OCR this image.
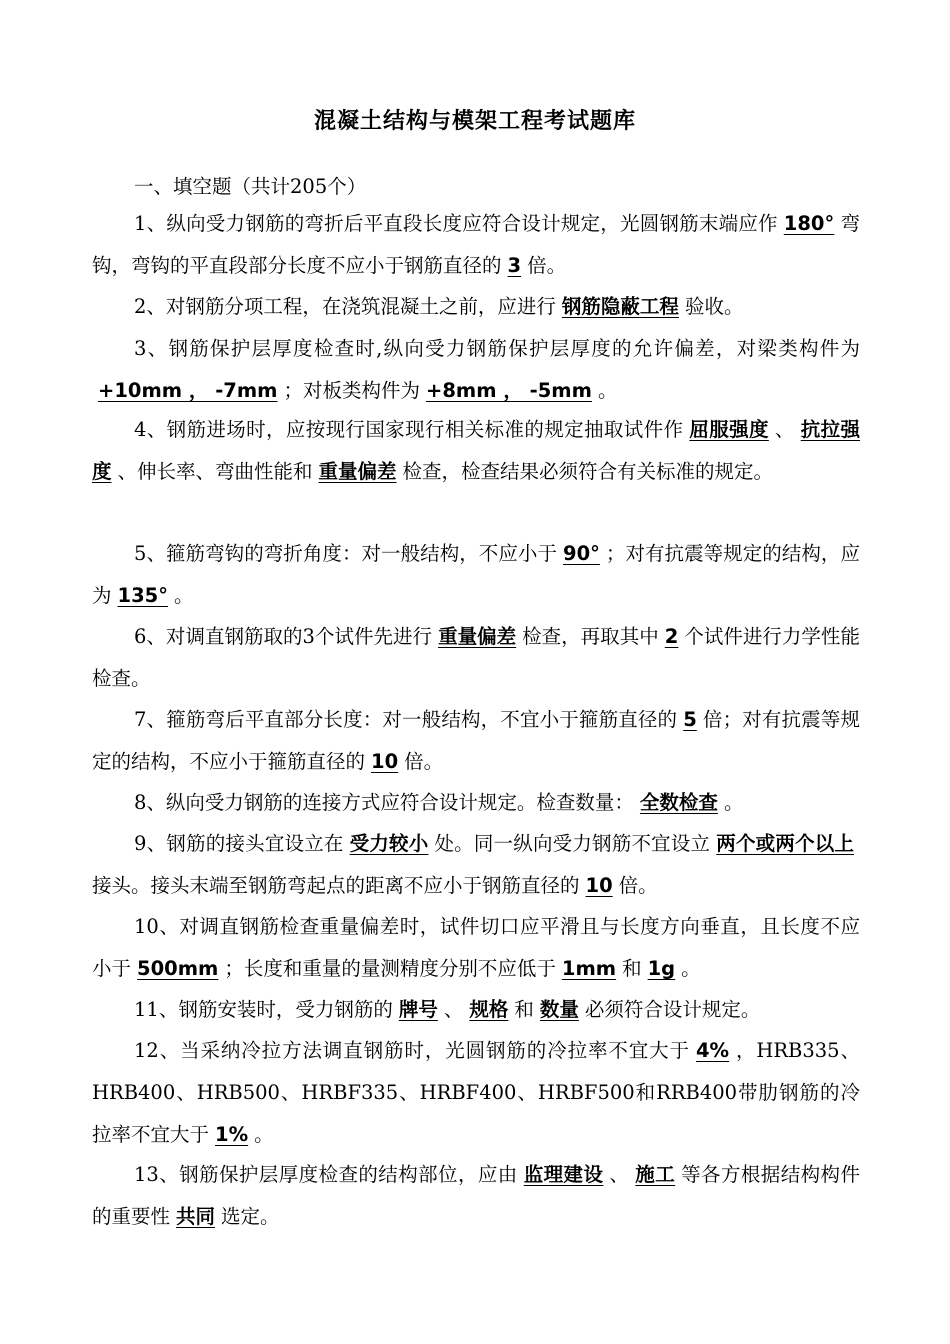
混凝土结构与模架工程考试题库
一、填空题（共计205个）
1、纵向受力钢筋的弯折后平直段长度应符合设计规定，光圆钢筋末端应作 180° 弯钩，弯钩的平直段部分长度不应小于钢筋直径的 3 倍。
2、对钢筋分项工程，在浇筑混凝土之前，应进行 钢筋隐蔽工程 验收。
3、钢筋保护层厚度检查时,纵向受力钢筋保护层厚度的允许偏差，对梁类构件为+10mm ， -7mm ；对板类构件为 +8mm ， -5mm 。
4、钢筋进场时，应按现行国家现行相关标准的规定抽取试件作 屈服强度 、 抗拉强度 、伸长率、弯曲性能和 重量偏差 检查，检查结果必须符合有关标准的规定。
5、箍筋弯钩的弯折角度：对一般结构，不应小于 90° ；对有抗震等规定的结构，应为 135° 。
6、对调直钢筋取的3个试件先进行 重量偏差 检查，再取其中 2 个试件进行力学性能检查。
7、箍筋弯后平直部分长度：对一般结构，不宜小于箍筋直径的 5 倍；对有抗震等规定的结构，不应小于箍筋直径的 10 倍。
8、纵向受力钢筋的连接方式应符合设计规定。检查数量： 全数检查 。
9、钢筋的接头宜设立在 受力较小 处。同一纵向受力钢筋不宜设立 两个或两个以上接头。接头末端至钢筋弯起点的距离不应小于钢筋直径的 10 倍。
10、对调直钢筋检查重量偏差时，试件切口应平滑且与长度方向垂直，且长度不应小于 500mm ；长度和重量的量测精度分别不应低于 1mm 和 1g 。
11、钢筋安装时，受力钢筋的 牌号 、 规格 和 数量 必须符合设计规定。
12、当采纳冷拉方法调直钢筋时，光圆钢筋的冷拉率不宜大于 4% ，HRB335、HRB400、HRB500、HRBF335、HRBF400、HRBF500和RRB400带肋钢筋的冷拉率不宜大于 1% 。
13、钢筋保护层厚度检查的结构部位，应由 监理建设 、 施工 等各方根据结构构件的重要性 共同 选定。
